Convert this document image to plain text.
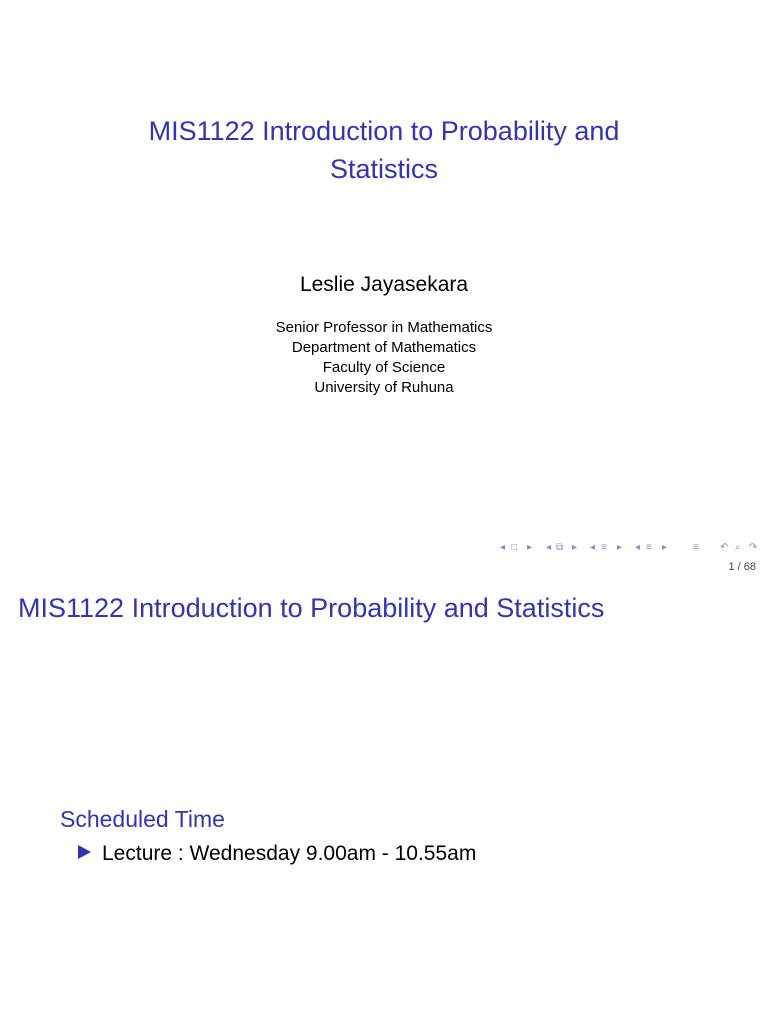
MIS1122 Introduction to Probability and
Statistics
Leslie Jayasekara
Senior Professor in Mathematics
Department of Mathematics
Faculty of Science
University of Ruhuna
◂ □ ▸ ◂ ⧉ ▸ ◂ ≡ ▸ ◂ ≡ ▸	≡ ↶ ⌕ ↷
1 / 68
MIS1122 Introduction to Probability and Statistics
Scheduled Time
Lecture : Wednesday 9.00am - 10.55am
